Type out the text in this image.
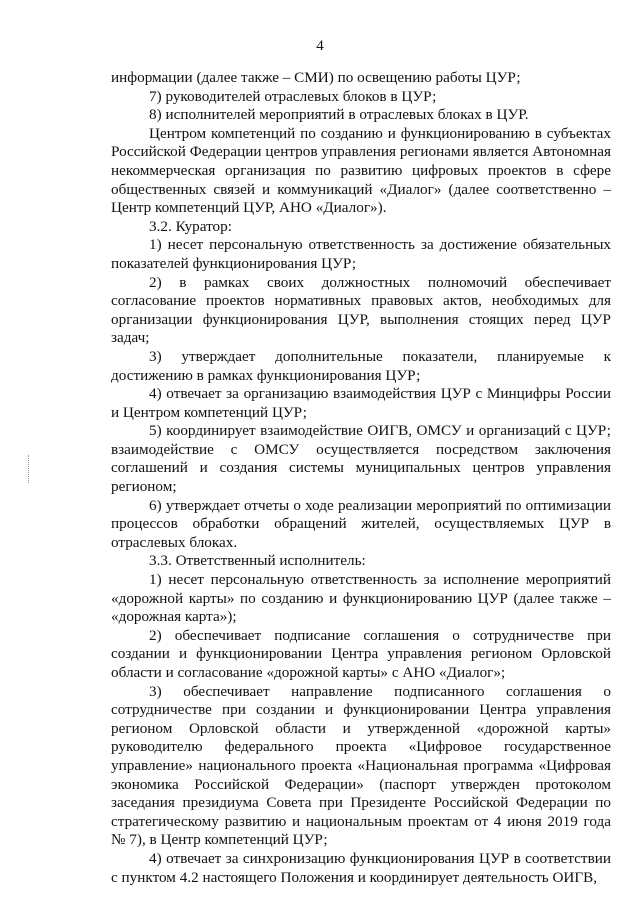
4

информации (далее также – СМИ) по освещению работы ЦУР;

7) руководителей отраслевых блоков в ЦУР;

8) исполнителей мероприятий в отраслевых блоках в ЦУР.

Центром компетенций по созданию и функционированию в субъектах Российской Федерации центров управления регионами является Автономная некоммерческая организация по развитию цифровых проектов в сфере общественных связей и коммуникаций «Диалог» (далее соответственно – Центр компетенций ЦУР, АНО «Диалог»).

3.2. Куратор:

1) несет персональную ответственность за достижение обязательных показателей функционирования ЦУР;

2) в рамках своих должностных полномочий обеспечивает согласование проектов нормативных правовых актов, необходимых для организации функционирования ЦУР, выполнения стоящих перед ЦУР задач;

3) утверждает дополнительные показатели, планируемые к достижению в рамках функционирования ЦУР;

4) отвечает за организацию взаимодействия ЦУР с Минцифры России и Центром компетенций ЦУР;

5) координирует взаимодействие ОИГВ, ОМСУ и организаций с ЦУР; взаимодействие с ОМСУ осуществляется посредством заключения соглашений и создания системы муниципальных центров управления регионом;

6) утверждает отчеты о ходе реализации мероприятий по оптимизации процессов обработки обращений жителей, осуществляемых ЦУР в отраслевых блоках.

3.3. Ответственный исполнитель:

1) несет персональную ответственность за исполнение мероприятий «дорожной карты» по созданию и функционированию ЦУР (далее также – «дорожная карта»);

2) обеспечивает подписание соглашения о сотрудничестве при создании и функционировании Центра управления регионом Орловской области и согласование «дорожной карты» с АНО «Диалог»;

3) обеспечивает направление подписанного соглашения о сотрудничестве при создании и функционировании Центра управления регионом Орловской области и утвержденной «дорожной карты» руководителю федерального проекта «Цифровое государственное управление» национального проекта «Национальная программа «Цифровая экономика Российской Федерации» (паспорт утвержден протоколом заседания президиума Совета при Президенте Российской Федерации по стратегическому развитию и национальным проектам от 4 июня 2019 года № 7), в Центр компетенций ЦУР;

4) отвечает за синхронизацию функционирования ЦУР в соответствии с пунктом 4.2 настоящего Положения и координирует деятельность ОИГВ,
